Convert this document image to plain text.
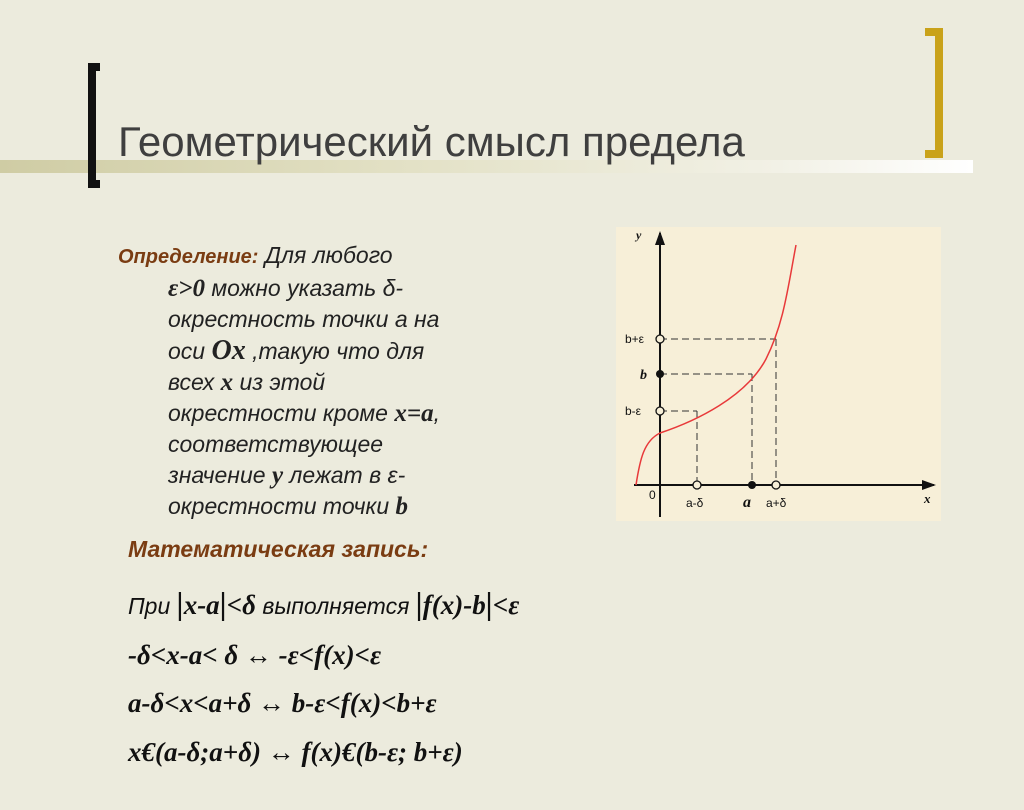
Геометрический смысл предела
Определение: Для любого
ε>0 можно указать δ-
окрестность точки а на
оси Ox ,такую что для
всех x из этой
окрестности кроме x=a,
соответствующее
значение y лежат в ε-
окрестности точки b
y
x
0
b+ε
b
b-ε
a-δ a a+δ
Математическая запись:
При |x-a|<δ выполняется |f(x)-b|<ε
-δ<x-a< δ ↔ -ε<f(x)<ε
a-δ<x<a+δ ↔ b-ε<f(x)<b+ε
x€(a-δ;a+δ) ↔ f(x)€(b-ε; b+ε)
